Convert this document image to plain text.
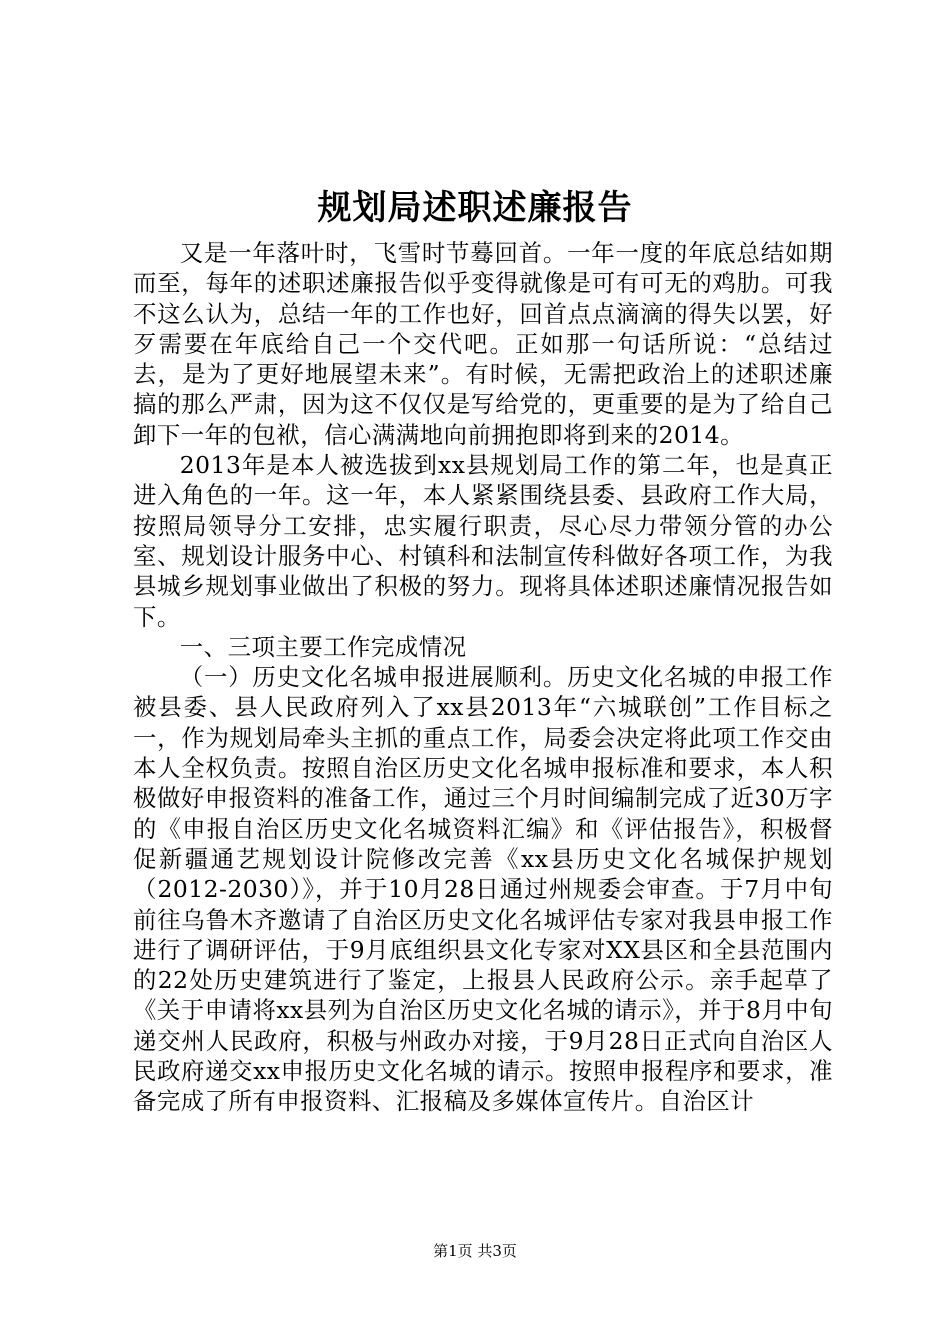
规划局述职述廉报告

又是一年落叶时，飞雪时节蓦回首。一年一度的年底总结如期而至，每年的述职述廉报告似乎变得就像是可有可无的鸡肋。可我不这么认为，总结一年的工作也好，回首点点滴滴的得失以罢，好歹需要在年底给自己一个交代吧。正如那一句话所说：“总结过去，是为了更好地展望未来”。有时候，无需把政治上的述职述廉搞的那么严肃，因为这不仅仅是写给党的，更重要的是为了给自己卸下一年的包袱，信心满满地向前拥抱即将到来的2014。

2013年是本人被选拔到xx县规划局工作的第二年，也是真正进入角色的一年。这一年，本人紧紧围绕县委、县政府工作大局，按照局领导分工安排，忠实履行职责，尽心尽力带领分管的办公室、规划设计服务中心、村镇科和法制宣传科做好各项工作，为我县城乡规划事业做出了积极的努力。现将具体述职述廉情况报告如下。

一、三项主要工作完成情况

（一）历史文化名城申报进展顺利。历史文化名城的申报工作被县委、县人民政府列入了xx县2013年“六城联创”工作目标之一，作为规划局牵头主抓的重点工作，局委会决定将此项工作交由本人全权负责。按照自治区历史文化名城申报标准和要求，本人积极做好申报资料的准备工作，通过三个月时间编制完成了近30万字的《申报自治区历史文化名城资料汇编》和《评估报告》，积极督促新疆通艺规划设计院修改完善《xx县历史文化名城保护规划（2012-2030）》，并于10月28日通过州规委会审查。于7月中旬前往乌鲁木齐邀请了自治区历史文化名城评估专家对我县申报工作进行了调研评估，于9月底组织县文化专家对XX县区和全县范围内的22处历史建筑进行了鉴定，上报县人民政府公示。亲手起草了《关于申请将xx县列为自治区历史文化名城的请示》，并于8月中旬递交州人民政府，积极与州政办对接，于9月28日正式向自治区人民政府递交xx申报历史文化名城的请示。按照申报程序和要求，准备完成了所有申报资料、汇报稿及多媒体宣传片。自治区计

第1页 共3页
